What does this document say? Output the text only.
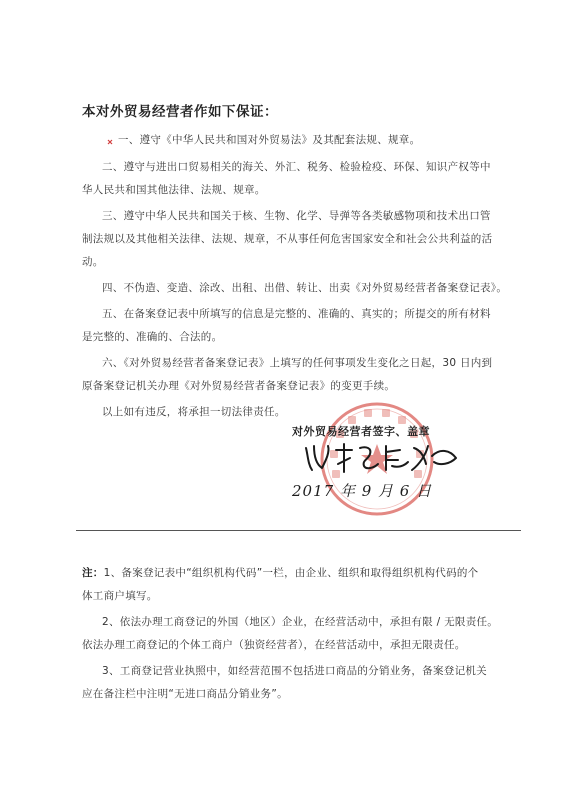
本对外贸易经营者作如下保证：
一、遵守《中华人民共和国对外贸易法》及其配套法规、规章。
二、遵守与进出口贸易相关的海关、外汇、税务、检验检疫、环保、知识产权等中
华人民共和国其他法律、法规、规章。
三、遵守中华人民共和国关于核、生物、化学、导弹等各类敏感物项和技术出口管
制法规以及其他相关法律、法规、规章，不从事任何危害国家安全和社会公共利益的活
动。
四、不伪造、变造、涂改、出租、出借、转让、出卖《对外贸易经营者备案登记表》。
五、在备案登记表中所填写的信息是完整的、准确的、真实的；所提交的所有材料
是完整的、准确的、合法的。
六、《对外贸易经营者备案登记表》上填写的任何事项发生变化之日起，30 日内到
原备案登记机关办理《对外贸易经营者备案登记表》的变更手续。
以上如有违反，将承担一切法律责任。
对外贸易经营者签字、盖章
2017 年 9 月 6 日
注：1、备案登记表中“组织机构代码”一栏，由企业、组织和取得组织机构代码的个
体工商户填写。
2、依法办理工商登记的外国（地区）企业，在经营活动中，承担有限 / 无限责任。
依法办理工商登记的个体工商户（独资经营者），在经营活动中，承担无限责任。
3、工商登记营业执照中，如经营范围不包括进口商品的分销业务，备案登记机关
应在备注栏中注明“无进口商品分销业务”。
